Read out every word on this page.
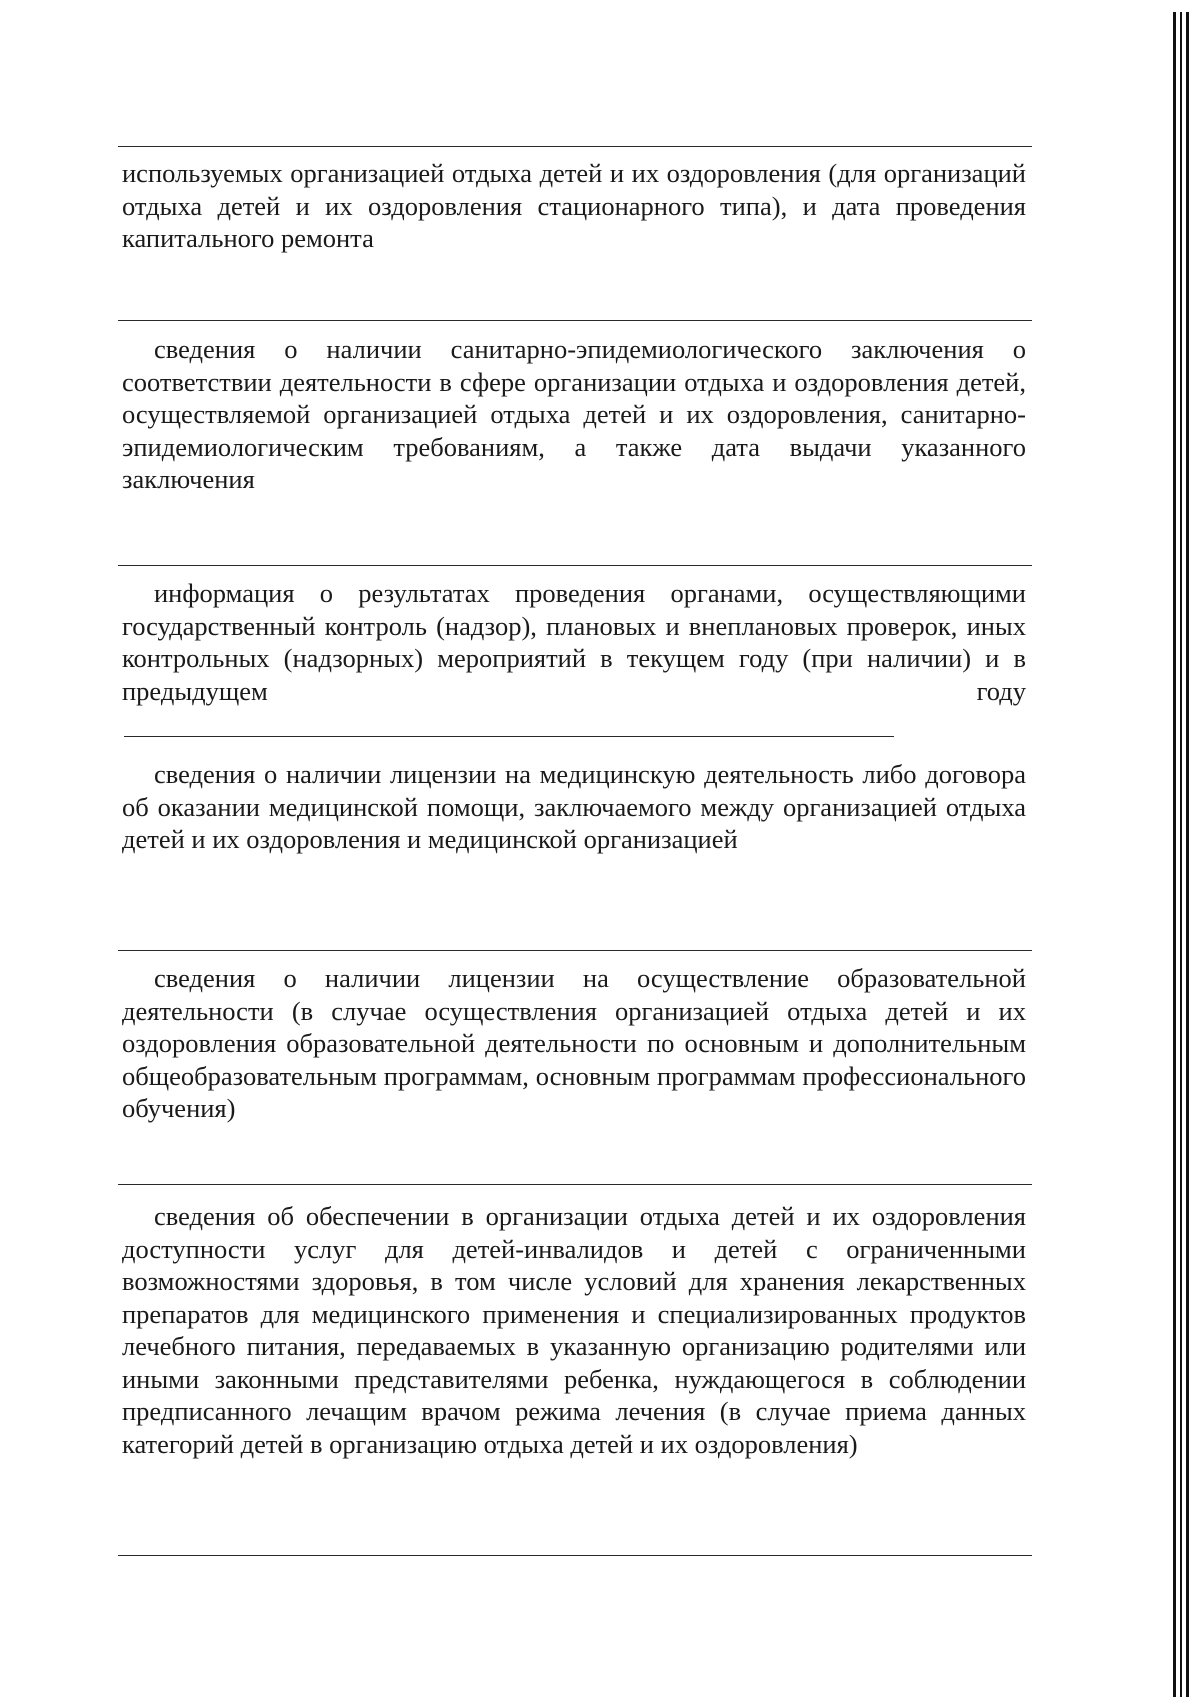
используемых организацией отдыха детей и их оздоровления (для организаций отдыха детей и их оздоровления стационарного типа), и дата проведения капитального ремонта

сведения о наличии санитарно-эпидемиологического заключения о соответствии деятельности в сфере организации отдыха и оздоровления детей, осуществляемой организацией отдыха детей и их оздоровления, санитарно-эпидемиологическим требованиям, а также дата выдачи указанного заключения

информация о результатах проведения органами, осуществляющими государственный контроль (надзор), плановых и внеплановых проверок, иных контрольных (надзорных) мероприятий в текущем году (при наличии) и в предыдущем году

сведения о наличии лицензии на медицинскую деятельность либо договора об оказании медицинской помощи, заключаемого между организацией отдыха детей и их оздоровления и медицинской организацией

сведения о наличии лицензии на осуществление образовательной деятельности (в случае осуществления организацией отдыха детей и их оздоровления образовательной деятельности по основным и дополнительным общеобразовательным программам, основным программам профессионального обучения)

сведения об обеспечении в организации отдыха детей и их оздоровления доступности услуг для детей-инвалидов и детей с ограниченными возможностями здоровья, в том числе условий для хранения лекарственных препаратов для медицинского применения и специализированных продуктов лечебного питания, передаваемых в указанную организацию родителями или иными законными представителями ребенка, нуждающегося в соблюдении предписанного лечащим врачом режима лечения (в случае приема данных категорий детей в организацию отдыха детей и их оздоровления)
